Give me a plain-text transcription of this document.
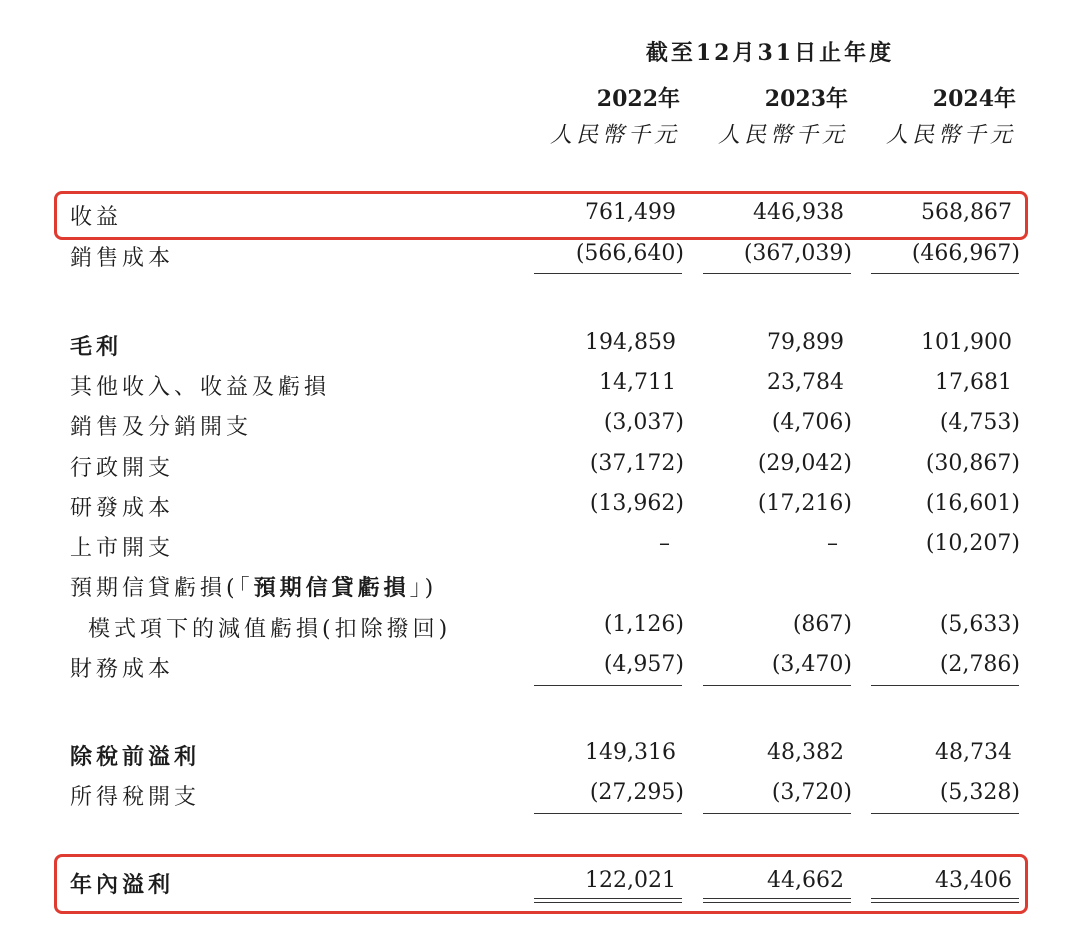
截至12月31日止年度
2022年	2023年	2024年
人民幣千元	人民幣千元	人民幣千元
收益	761,499	446,938	568,867
銷售成本	(566,640)	(367,039)	(466,967)
毛利	194,859	79,899	101,900
其他收入、收益及虧損	14,711	23,784	17,681
銷售及分銷開支	(3,037)	(4,706)	(4,753)
行政開支	(37,172)	(29,042)	(30,867)
研發成本	(13,962)	(17,216)	(16,601)
上市開支	–	–	(10,207)
預期信貸虧損(「預期信貸虧損」)
模式項下的減值虧損(扣除撥回)	(1,126)	(867)	(5,633)
財務成本	(4,957)	(3,470)	(2,786)
除稅前溢利	149,316	48,382	48,734
所得稅開支	(27,295)	(3,720)	(5,328)
年內溢利	122,021	44,662	43,406
